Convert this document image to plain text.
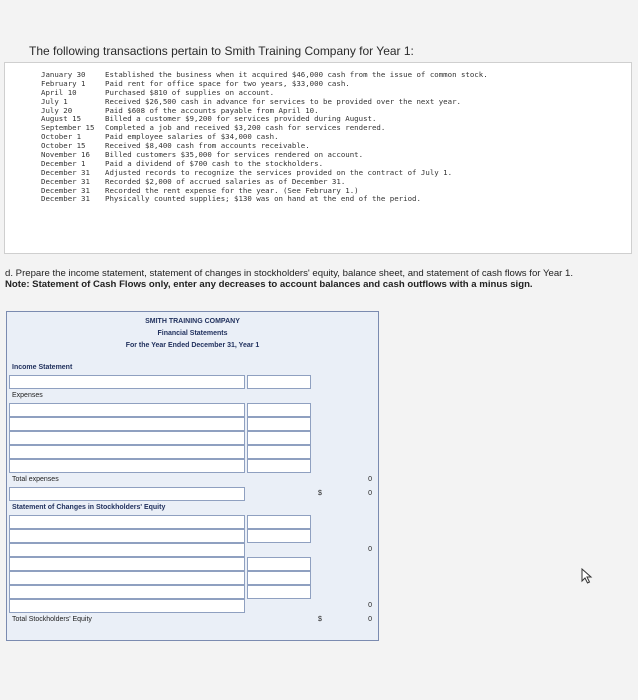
The following transactions pertain to Smith Training Company for Year 1:
January 30	Established the business when it acquired $46,000 cash from the issue of common stock.
February 1	Paid rent for office space for two years, $33,000 cash.
April 10	Purchased $810 of supplies on account.
July 1	Received $26,500 cash in advance for services to be provided over the next year.
July 20	Paid $608 of the accounts payable from April 10.
August 15	Billed a customer $9,200 for services provided during August.
September 15 Completed a job and received $3,200 cash for services rendered.
October 1	Paid employee salaries of $34,000 cash.
October 15	Received $8,400 cash from accounts receivable.
November 16 Billed customers $35,000 for services rendered on account.
December 1	Paid a dividend of $700 cash to the stockholders.
December 31 Adjusted records to recognize the services provided on the contract of July 1.
December 31 Recorded $2,000 of accrued salaries as of December 31.
December 31 Recorded the rent expense for the year. (See February 1.)
December 31 Physically counted supplies; $130 was on hand at the end of the period.
d. Prepare the income statement, statement of changes in stockholders' equity, balance sheet, and statement of cash flows for Year 1.
Note: Statement of Cash Flows only, enter any decreases to account balances and cash outflows with a minus sign.
SMITH TRAINING COMPANY
Financial Statements
For the Year Ended December 31, Year 1
Income Statement
Expenses
Total expenses	0
$	0
Statement of Changes in Stockholders' Equity
0
0
Total Stockholders' Equity	$	0
